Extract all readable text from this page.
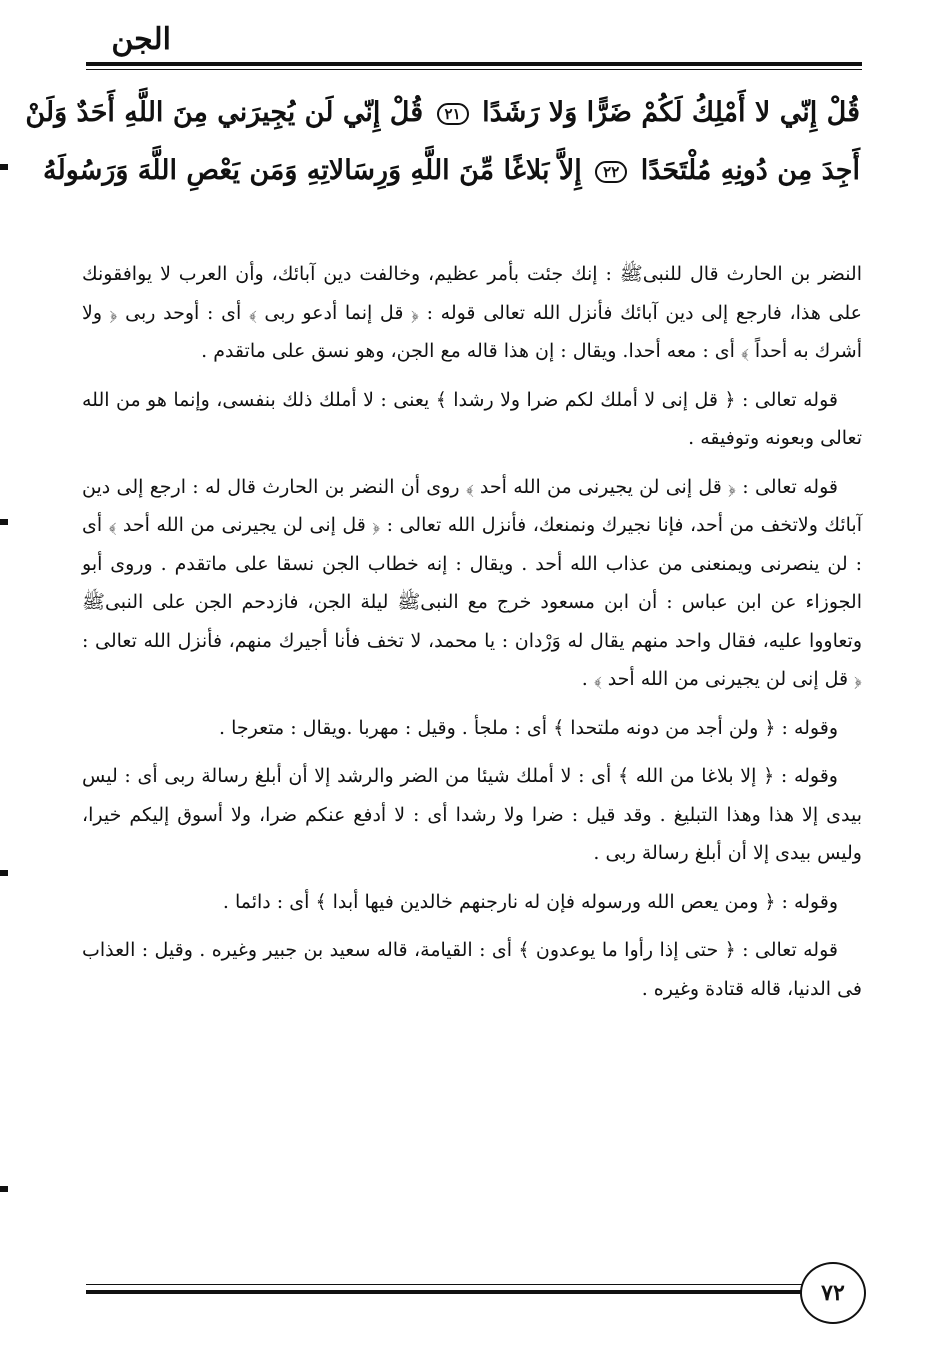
الجن
قُلْ إِنّي لا أَمْلِكُ لَكُمْ ضَرًّا وَلا رَشَدًا ٢١ قُلْ إِنّي لَن يُجِيرَني مِنَ اللَّهِ أَحَدٌ وَلَنْ
أَجِدَ مِن دُونِهِ مُلْتَحَدًا ٢٢ إِلاَّ بَلاغًا مِّنَ اللَّهِ وَرِسَالاتِهِ وَمَن يَعْصِ اللَّهَ وَرَسُولَهُ

النضر بن الحارث قال للنبىﷺ : إنك جئت بأمر عظيم، وخالفت دين آبائك، وأن العرب لا يوافقونك على هذا، فارجع إلى دين آبائك فأنزل الله تعالى قوله : ﴿ قل إنما أدعو ربى ﴾ أى : أوحد ربى ﴿ ولا أشرك به أحداً ﴾ أى : معه أحدا. ويقال : إن هذا قاله مع الجن، وهو نسق على ماتقدم .

قوله تعالى : ﴿ قل إنى لا أملك لكم ضرا ولا رشدا ﴾ يعنى : لا أملك ذلك بنفسى، وإنما هو من الله تعالى وبعونه وتوفيقه .

قوله تعالى : ﴿ قل إنى لن يجيرنى من الله أحد ﴾ روى أن النضر بن الحارث قال له : ارجع إلى دين آبائك ولاتخف من أحد، فإنا نجيرك ونمنعك، فأنزل الله تعالى : ﴿ قل إنى لن يجيرنى من الله أحد ﴾ أى : لن ينصرنى ويمنعنى من عذاب الله أحد . ويقال : إنه خطاب الجن نسقا على ماتقدم . وروى أبو الجوزاء عن ابن عباس : أن ابن مسعود خرج مع النبىﷺ ليلة الجن، فازدحم الجن على النبىﷺ وتعاووا عليه، فقال واحد منهم يقال له وَرْدان : يا محمد، لا تخف فأنا أجيرك منهم، فأنزل الله تعالى : ﴿ قل إنى لن يجيرنى من الله أحد ﴾ .

وقوله : ﴿ ولن أجد من دونه ملتحدا ﴾ أى : ملجأ . وقيل : مهربا .ويقال : متعرجا .

وقوله : ﴿ إلا بلاغا من الله ﴾ أى : لا أملك شيئا من الضر والرشد إلا أن أبلغ رسالة ربى أى : ليس بيدى إلا هذا وهذا التبليغ . وقد قيل : ضرا ولا رشدا أى : لا أدفع عنكم ضرا، ولا أسوق إليكم خيرا، وليس بيدى إلا أن أبلغ رسالة ربى .

وقوله : ﴿ ومن يعص الله ورسوله فإن له نارجنهم خالدين فيها أبدا ﴾ أى : دائما .

قوله تعالى : ﴿ حتى إذا رأوا ما يوعدون ﴾ أى : القيامة، قاله سعيد بن جبير وغيره . وقيل : العذاب فى الدنيا، قاله قتادة وغيره .

٧٢
